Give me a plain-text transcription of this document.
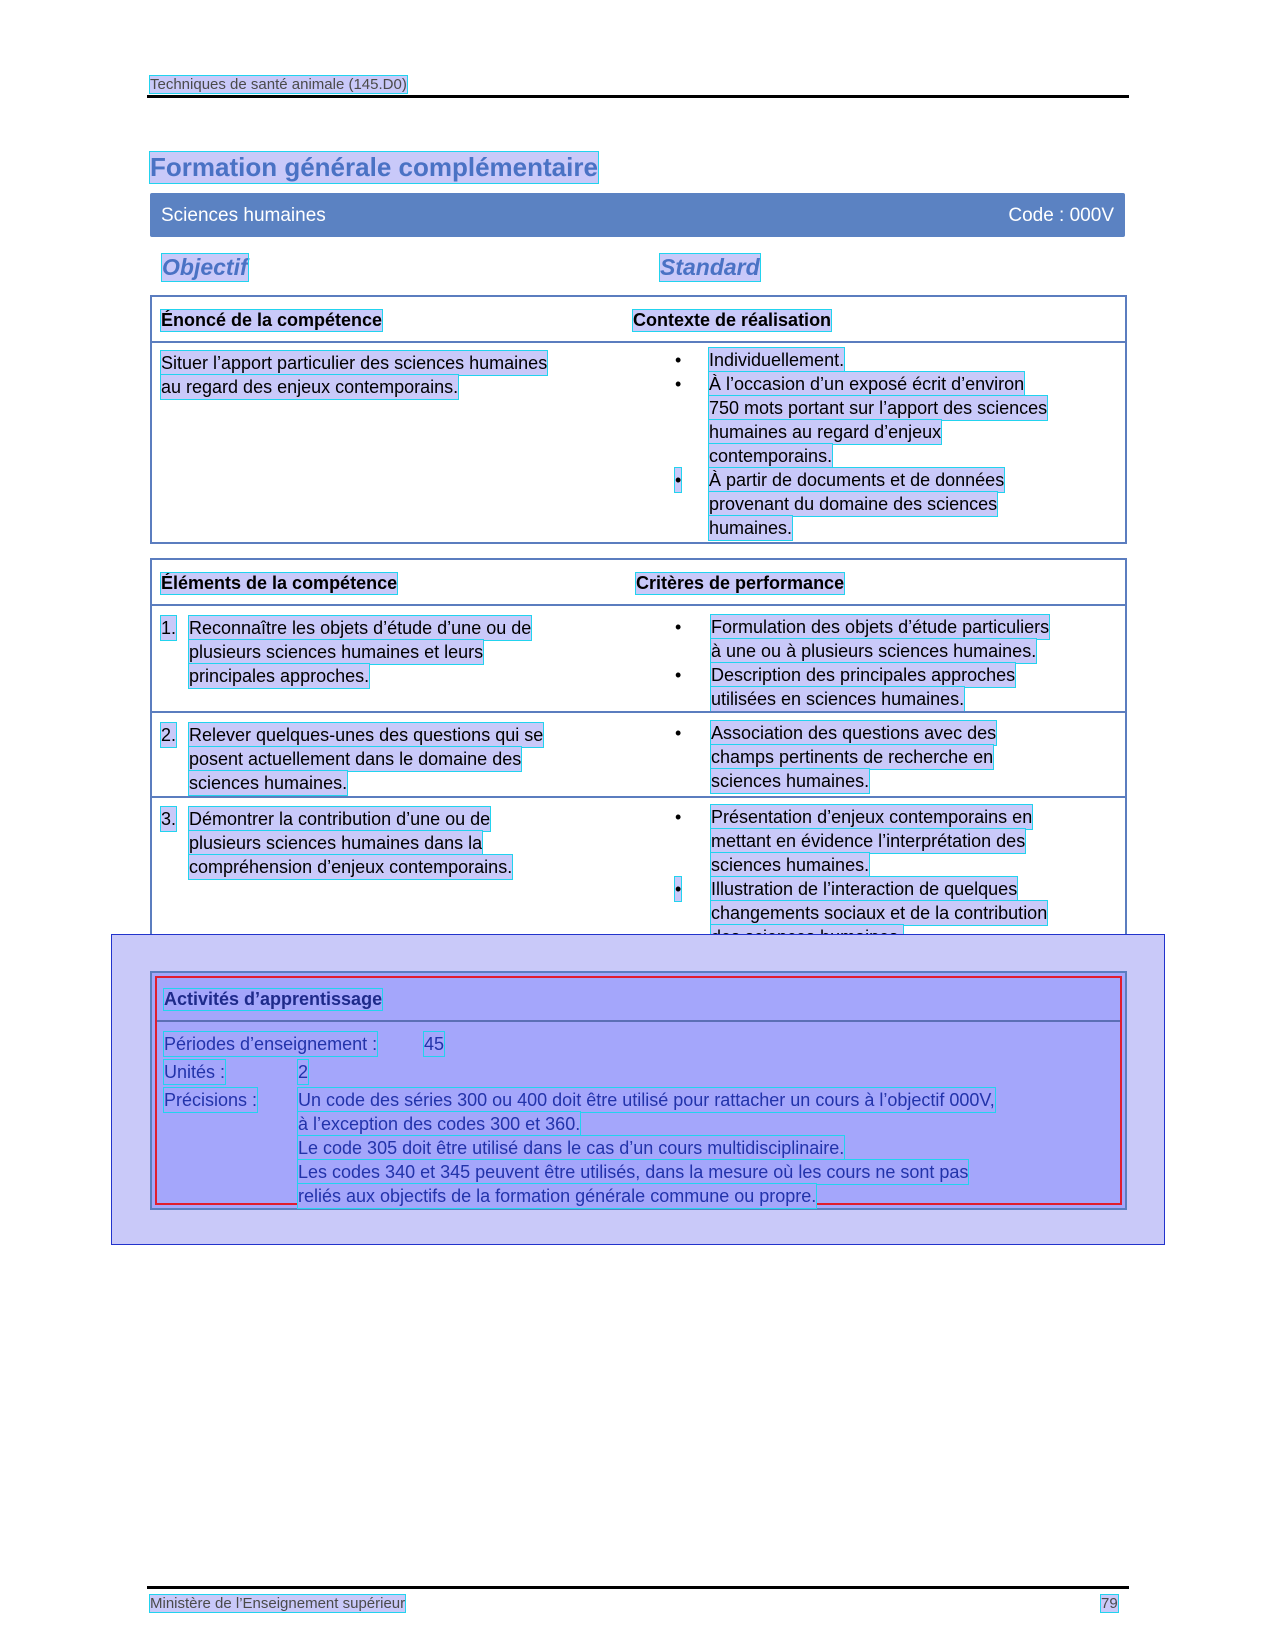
Techniques de santé animale (145.D0)
Formation générale complémentaire
Sciences humaines	Code : 000V
Objectif	Standard
Énoncé de la compétence	Contexte de réalisation
Situer l’apport particulier des sciences humaines
au regard des enjeux contemporains.
• Individuellement.
• À l’occasion d’un exposé écrit d’environ
750 mots portant sur l’apport des sciences
humaines au regard d’enjeux
contemporains.
• À partir de documents et de données
provenant du domaine des sciences
humaines.
Éléments de la compétence	Critères de performance
1. Reconnaître les objets d’étude d’une ou de
plusieurs sciences humaines et leurs
principales approches.
• Formulation des objets d’étude particuliers
à une ou à plusieurs sciences humaines.
• Description des principales approches
utilisées en sciences humaines.
2. Relever quelques-unes des questions qui se
posent actuellement dans le domaine des
sciences humaines.
• Association des questions avec des
champs pertinents de recherche en
sciences humaines.
3. Démontrer la contribution d’une ou de
plusieurs sciences humaines dans la
compréhension d’enjeux contemporains.
• Présentation d’enjeux contemporains en
mettant en évidence l’interprétation des
sciences humaines.
• Illustration de l’interaction de quelques
changements sociaux et de la contribution
Activités d’apprentissage
Périodes d’enseignement :	45
Unités :	2
Précisions : Un code des séries 300 ou 400 doit être utilisé pour rattacher un cours à l’objectif 000V,
à l’exception des codes 300 et 360.
Le code 305 doit être utilisé dans le cas d’un cours multidisciplinaire.
Les codes 340 et 345 peuvent être utilisés, dans la mesure où les cours ne sont pas
reliés aux objectifs de la formation générale commune ou propre.
Ministère de l’Enseignement supérieur	79
